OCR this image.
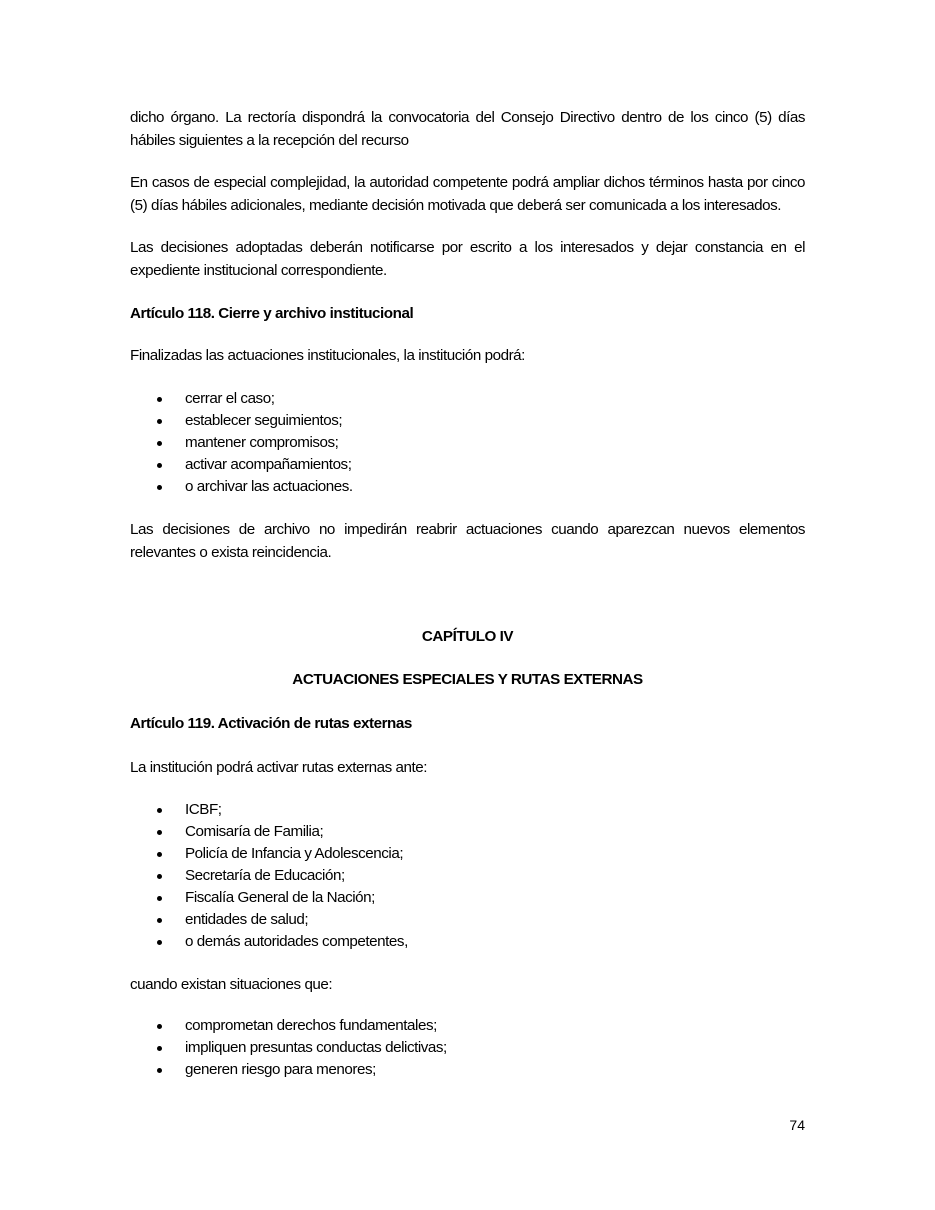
dicho órgano. La rectoría dispondrá la convocatoria del Consejo Directivo dentro de los cinco (5) días hábiles siguientes a la recepción del recurso

En casos de especial complejidad, la autoridad competente podrá ampliar dichos términos hasta por cinco (5) días hábiles adicionales, mediante decisión motivada que deberá ser comunicada a los interesados.

Las decisiones adoptadas deberán notificarse por escrito a los interesados y dejar constancia en el expediente institucional correspondiente.

Artículo 118. Cierre y archivo institucional

Finalizadas las actuaciones institucionales, la institución podrá:

cerrar el caso;
establecer seguimientos;
mantener compromisos;
activar acompañamientos;
o archivar las actuaciones.

Las decisiones de archivo no impedirán reabrir actuaciones cuando aparezcan nuevos elementos relevantes o exista reincidencia.

CAPÍTULO IV
ACTUACIONES ESPECIALES Y RUTAS EXTERNAS
Artículo 119. Activación de rutas externas

La institución podrá activar rutas externas ante:

ICBF;
Comisaría de Familia;
Policía de Infancia y Adolescencia;
Secretaría de Educación;
Fiscalía General de la Nación;
entidades de salud;
o demás autoridades competentes,

cuando existan situaciones que:

comprometan derechos fundamentales;
impliquen presuntas conductas delictivas;
generen riesgo para menores;
74
